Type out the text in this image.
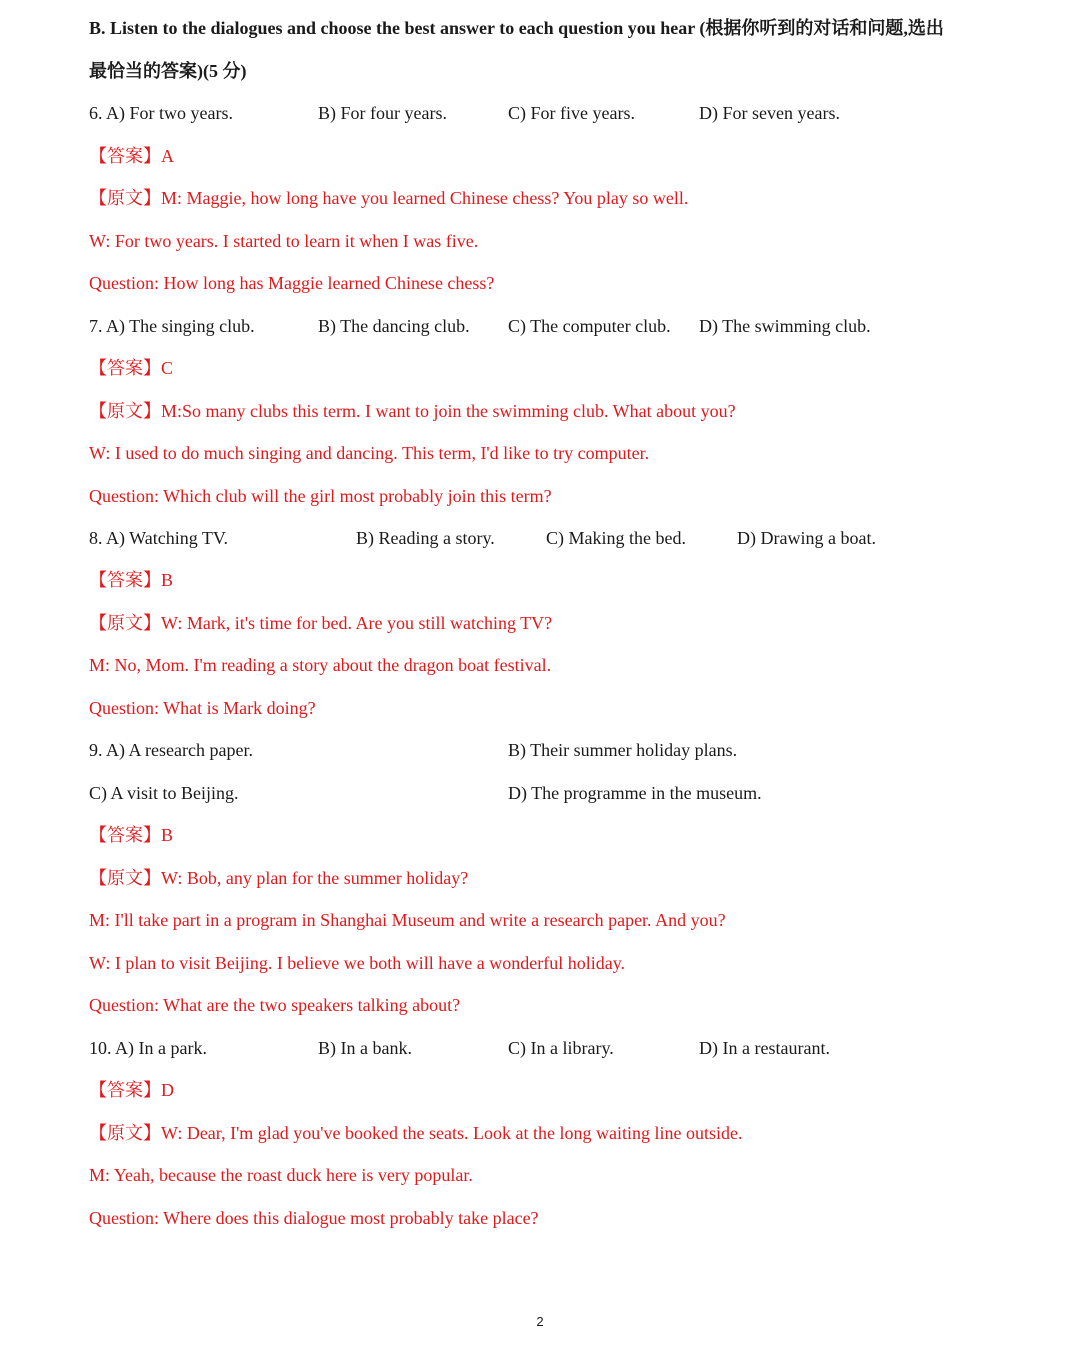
B. Listen to the dialogues and choose the best answer to each question you hear (根据你听到的对话和问题,选出
最恰当的答案)(5 分)
6. A) For two years.	B) For four years.	C) For five years.	D) For seven years.
【答案】A
【原文】M: Maggie, how long have you learned Chinese chess? You play so well.
W: For two years. I started to learn it when I was five.
Question: How long has Maggie learned Chinese chess?
7. A) The singing club.	B) The dancing club. C) The computer club. D) The swimming club.
【答案】C
【原文】M:So many clubs this term. I want to join the swimming club. What about you?
W: I used to do much singing and dancing. This term, I'd like to try computer.
Question: Which club will the girl most probably join this term?
8. A) Watching TV.	B) Reading a story.	C) Making the bed.	D) Drawing a boat.
【答案】B
【原文】W: Mark, it's time for bed. Are you still watching TV?
M: No, Mom. I'm reading a story about the dragon boat festival.
Question: What is Mark doing?
9. A) A research paper.	B) Their summer holiday plans.
C) A visit to Beijing.	D) The programme in the museum.
【答案】B
【原文】W: Bob, any plan for the summer holiday?
M: I'll take part in a program in Shanghai Museum and write a research paper. And you?
W: I plan to visit Beijing. I believe we both will have a wonderful holiday.
Question: What are the two speakers talking about?
10. A) In a park.	B) In a bank.	C) In a library.	D) In a restaurant.
【答案】D
【原文】W: Dear, I'm glad you've booked the seats. Look at the long waiting line outside.
M: Yeah, because the roast duck here is very popular.
Question: Where does this dialogue most probably take place?
2
